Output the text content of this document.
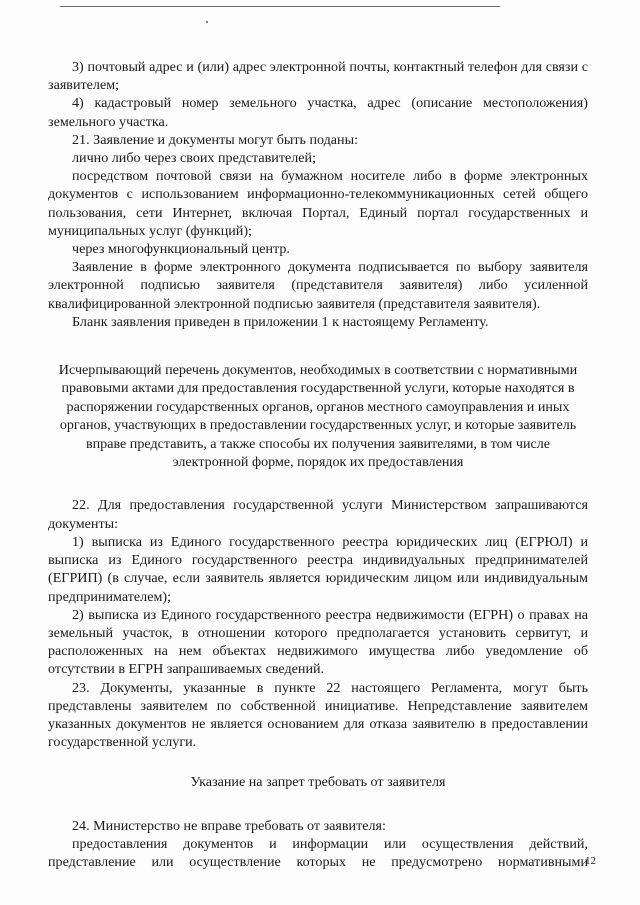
3) почтовый адрес и (или) адрес электронной почты, контактный телефон для связи с заявителем;

4) кадастровый номер земельного участка, адрес (описание местоположения) земельного участка.

21. Заявление и документы могут быть поданы:

лично либо через своих представителей;

посредством почтовой связи на бумажном носителе либо в форме электронных документов с использованием информационно-телекоммуникационных сетей общего пользования, сети Интернет, включая Портал, Единый портал государственных и муниципальных услуг (функций);

через многофункциональный центр.

Заявление в форме электронного документа подписывается по выбору заявителя электронной подписью заявителя (представителя заявителя) либо усиленной квалифицированной электронной подписью заявителя (представителя заявителя).

Бланк заявления приведен в приложении 1 к настоящему Регламенту.

Исчерпывающий перечень документов, необходимых в соответствии с нормативными правовыми актами для предоставления государственной услуги, которые находятся в распоряжении государственных органов, органов местного самоуправления и иных органов, участвующих в предоставлении государственных услуг, и которые заявитель вправе представить, а также способы их получения заявителями, в том числе электронной форме, порядок их предоставления

22. Для предоставления государственной услуги Министерством запрашиваются документы:

1) выписка из Единого государственного реестра юридических лиц (ЕГРЮЛ) и выписка из Единого государственного реестра индивидуальных предпринимателей (ЕГРИП) (в случае, если заявитель является юридическим лицом или индивидуальным предпринимателем);

2) выписка из Единого государственного реестра недвижимости (ЕГРН) о правах на земельный участок, в отношении которого предполагается установить сервитут, и расположенных на нем объектах недвижимого имущества либо уведомление об отсутствии в ЕГРН запрашиваемых сведений.

23. Документы, указанные в пункте 22 настоящего Регламента, могут быть представлены заявителем по собственной инициативе. Непредставление заявителем указанных документов не является основанием для отказа заявителю в предоставлении государственной услуги.

Указание на запрет требовать от заявителя

24. Министерство не вправе требовать от заявителя:

предоставления документов и информации или осуществления действий, представление или осуществление которых не предусмотрено нормативными

12
